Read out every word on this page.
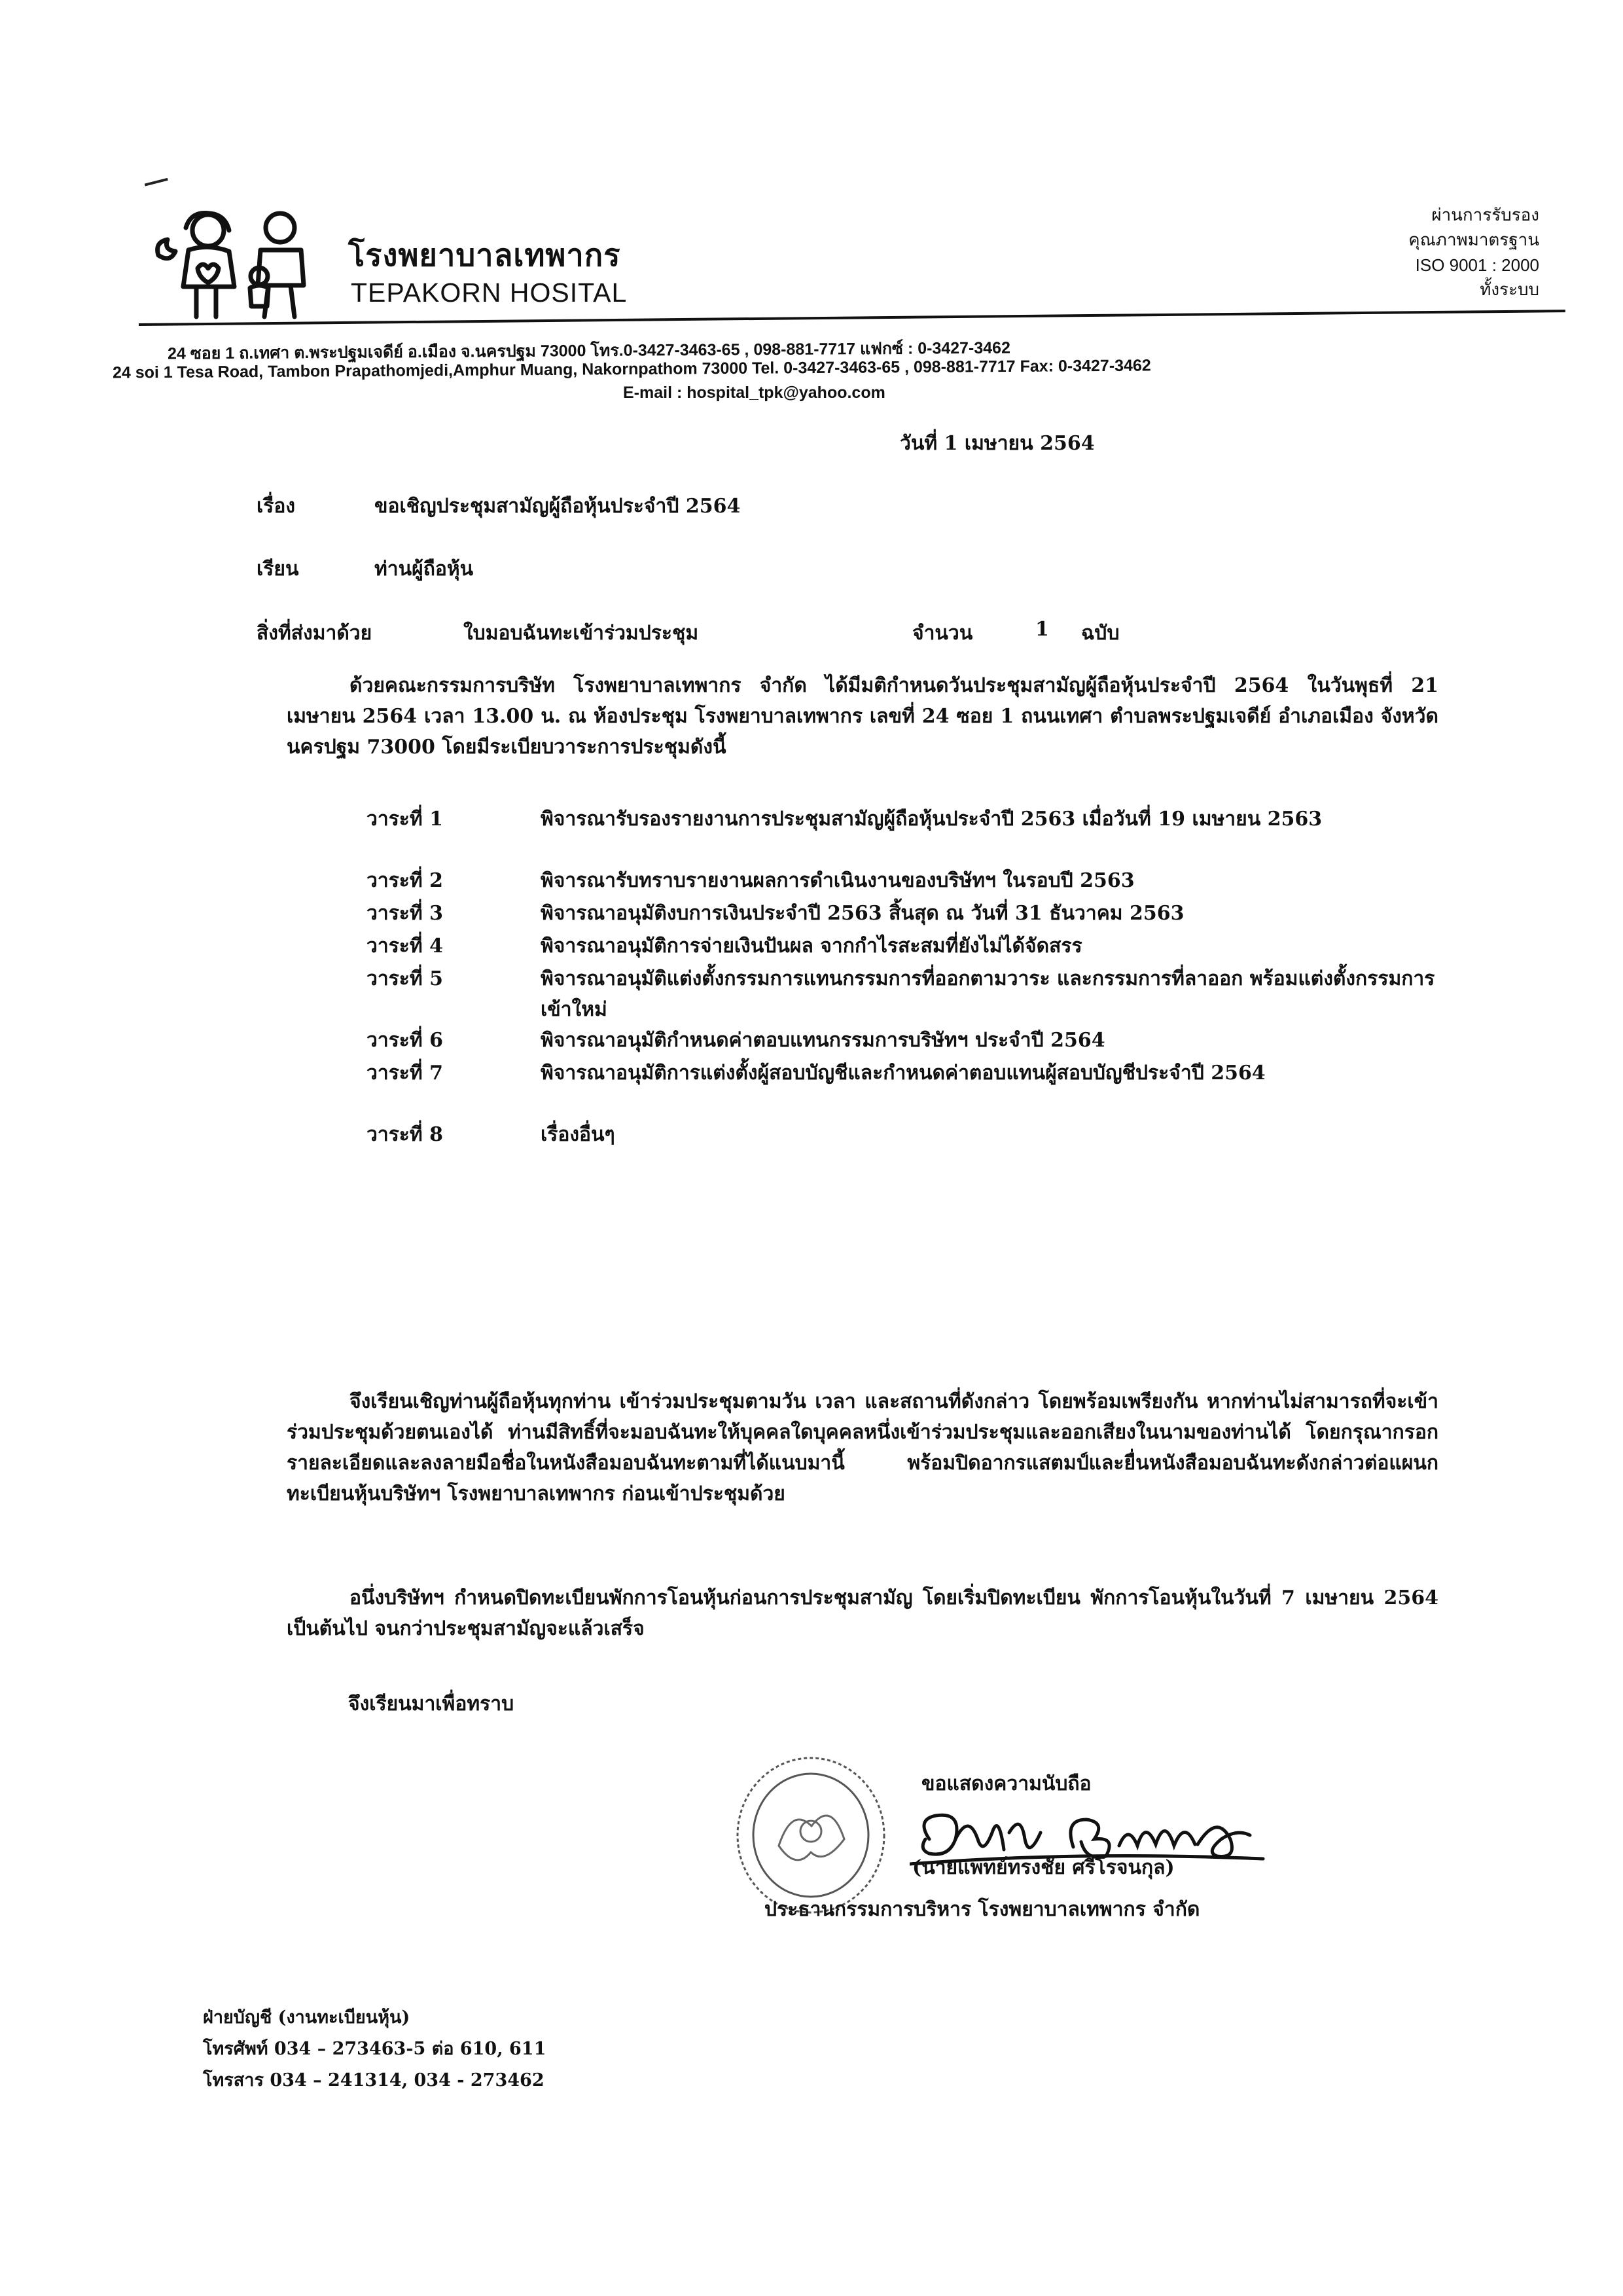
โรงพยาบาลเทพากร
TEPAKORN HOSITAL
ผ่านการรับรอง
คุณภาพมาตรฐาน
ISO 9001 : 2000
ทั้งระบบ
24 ซอย 1 ถ.เทศา ต.พระปฐมเจดีย์ อ.เมือง จ.นครปฐม 73000 โทร.0-3427-3463-65 , 098-881-7717 แฟกซ์ : 0-3427-3462
24 soi 1 Tesa Road, Tambon Prapathomjedi,Amphur Muang, Nakornpathom 73000 Tel. 0-3427-3463-65 , 098-881-7717 Fax: 0-3427-3462
E-mail : hospital_tpk@yahoo.com
วันที่ 1 เมษายน 2564
เรื่อง	ขอเชิญประชุมสามัญผู้ถือหุ้นประจำปี 2564
เรียน	ท่านผู้ถือหุ้น
สิ่งที่ส่งมาด้วย	ใบมอบฉันทะเข้าร่วมประชุม	จำนวน	1 ฉบับ
ด้วยคณะกรรมการบริษัท โรงพยาบาลเทพากร จำกัด ได้มีมติกำหนดวันประชุมสามัญผู้ถือหุ้นประจำปี 2564 ในวันพุธที่ 21 เมษายน 2564 เวลา 13.00 น. ณ ห้องประชุม โรงพยาบาลเทพากร เลขที่ 24 ซอย 1 ถนนเทศา ตำบลพระปฐมเจดีย์ อำเภอเมือง จังหวัดนครปฐม 73000 โดยมีระเบียบวาระการประชุมดังนี้
วาระที่ 1	พิจารณารับรองรายงานการประชุมสามัญผู้ถือหุ้นประจำปี 2563 เมื่อวันที่ 19 เมษายน 2563
วาระที่ 2	พิจารณารับทราบรายงานผลการดำเนินงานของบริษัทฯ ในรอบปี 2563
วาระที่ 3	พิจารณาอนุมัติงบการเงินประจำปี 2563 สิ้นสุด ณ วันที่ 31 ธันวาคม 2563
วาระที่ 4	พิจารณาอนุมัติการจ่ายเงินปันผล จากกำไรสะสมที่ยังไม่ได้จัดสรร
วาระที่ 5	พิจารณาอนุมัติแต่งตั้งกรรมการแทนกรรมการที่ออกตามวาระ และกรรมการที่ลาออก พร้อมแต่งตั้งกรรมการเข้าใหม่
วาระที่ 6	พิจารณาอนุมัติกำหนดค่าตอบแทนกรรมการบริษัทฯ ประจำปี 2564
วาระที่ 7	พิจารณาอนุมัติการแต่งตั้งผู้สอบบัญชีและกำหนดค่าตอบแทนผู้สอบบัญชีประจำปี 2564
วาระที่ 8	เรื่องอื่นๆ
จึงเรียนเชิญท่านผู้ถือหุ้นทุกท่าน เข้าร่วมประชุมตามวัน เวลา และสถานที่ดังกล่าว โดยพร้อมเพรียงกัน หากท่านไม่สามารถที่จะเข้าร่วมประชุมด้วยตนเองได้ ท่านมีสิทธิ์ที่จะมอบฉันทะให้บุคคลใดบุคคลหนึ่งเข้าร่วมประชุมและออกเสียงในนามของท่านได้ โดยกรุณากรอกรายละเอียดและลงลายมือชื่อในหนังสือมอบฉันทะตามที่ได้แนบมานี้ พร้อมปิดอากรแสตมป์และยื่นหนังสือมอบฉันทะดังกล่าวต่อแผนกทะเบียนหุ้นบริษัทฯ โรงพยาบาลเทพากร ก่อนเข้าประชุมด้วย
อนึ่งบริษัทฯ กำหนดปิดทะเบียนพักการโอนหุ้นก่อนการประชุมสามัญ โดยเริ่มปิดทะเบียน พักการโอนหุ้นในวันที่ 7 เมษายน 2564 เป็นต้นไป จนกว่าประชุมสามัญจะแล้วเสร็จ
จึงเรียนมาเพื่อทราบ
ขอแสดงความนับถือ
(นายแพทย์ทรงชัย ศรีโรจนกุล)
ประธานกรรมการบริหาร โรงพยาบาลเทพากร จำกัด
ฝ่ายบัญชี (งานทะเบียนหุ้น)
โทรศัพท์ 034 – 273463-5 ต่อ 610, 611
โทรสาร 034 – 241314, 034 - 273462
